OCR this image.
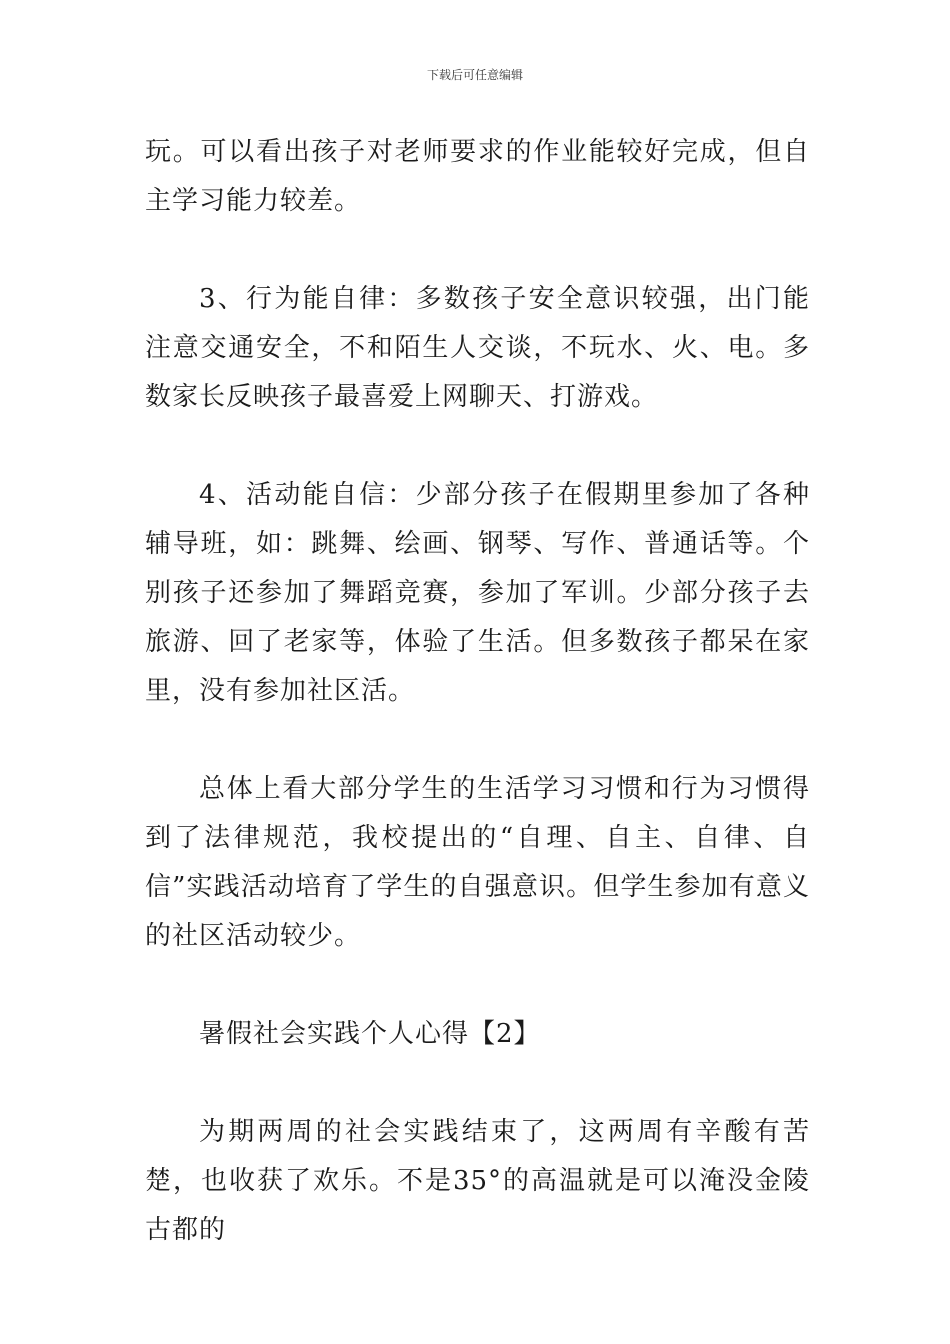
下载后可任意编辑

玩。可以看出孩子对老师要求的作业能较好完成，但自主学习能力较差。

3、行为能自律：多数孩子安全意识较强，出门能注意交通安全，不和陌生人交谈，不玩水、火、电。多数家长反映孩子最喜爱上网聊天、打游戏。

4、活动能自信：少部分孩子在假期里参加了各种辅导班，如：跳舞、绘画、钢琴、写作、普通话等。个别孩子还参加了舞蹈竞赛，参加了军训。少部分孩子去旅游、回了老家等，体验了生活。但多数孩子都呆在家里，没有参加社区活。

总体上看大部分学生的生活学习习惯和行为习惯得到了法律规范，我校提出的“自理、自主、自律、自信”实践活动培育了学生的自强意识。但学生参加有意义的社区活动较少。

暑假社会实践个人心得【2】

为期两周的社会实践结束了，这两周有辛酸有苦楚，也收获了欢乐。不是35°的高温就是可以淹没金陵古都的
